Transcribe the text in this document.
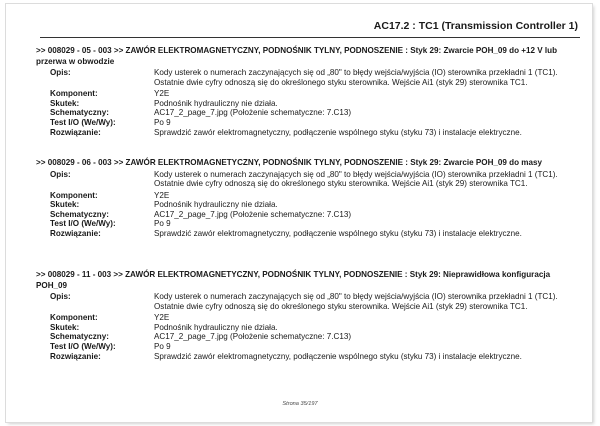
AC17.2 : TC1 (Transmission Controller 1)
>> 008029 - 05 - 003 >> ZAWÓR ELEKTROMAGNETYCZNY, PODNOŚNIK TYLNY, PODNOSZENIE : Styk 29: Zwarcie POH_09 do +12 V lub przerwa w obwodzie
Opis:	Kody usterek o numerach zaczynających się od „80" to błędy wejścia/wyjścia (IO) sterownika przekładni 1 (TC1). Ostatnie dwie cyfry odnoszą się do określonego styku sterownika. Wejście Ai1 (styk 29) sterownika TC1.
Komponent:	Y2E
Skutek:	Podnośnik hydrauliczny nie działa.
Schematyczny:	AC17_2_page_7.jpg (Położenie schematyczne: 7.C13)
Test I/O (We/Wy):	Po 9
Rozwiązanie:	Sprawdzić zawór elektromagnetyczny, podłączenie wspólnego styku (styku 73) i instalacje elektryczne.
>> 008029 - 06 - 003 >> ZAWÓR ELEKTROMAGNETYCZNY, PODNOŚNIK TYLNY, PODNOSZENIE : Styk 29: Zwarcie POH_09 do masy
Opis:	Kody usterek o numerach zaczynających się od „80" to błędy wejścia/wyjścia (IO) sterownika przekładni 1 (TC1). Ostatnie dwie cyfry odnoszą się do określonego styku sterownika. Wejście Ai1 (styk 29) sterownika TC1.
Komponent:	Y2E
Skutek:	Podnośnik hydrauliczny nie działa.
Schematyczny:	AC17_2_page_7.jpg (Położenie schematyczne: 7.C13)
Test I/O (We/Wy):	Po 9
Rozwiązanie:	Sprawdzić zawór elektromagnetyczny, podłączenie wspólnego styku (styku 73) i instalacje elektryczne.
>> 008029 - 11 - 003 >> ZAWÓR ELEKTROMAGNETYCZNY, PODNOŚNIK TYLNY, PODNOSZENIE : Styk 29: Nieprawidłowa konfiguracja POH_09
Opis:	Kody usterek o numerach zaczynających się od „80" to błędy wejścia/wyjścia (IO) sterownika przekładni 1 (TC1). Ostatnie dwie cyfry odnoszą się do określonego styku sterownika. Wejście Ai1 (styk 29) sterownika TC1.
Komponent:	Y2E
Skutek:	Podnośnik hydrauliczny nie działa.
Schematyczny:	AC17_2_page_7.jpg (Położenie schematyczne: 7.C13)
Test I/O (We/Wy):	Po 9
Rozwiązanie:	Sprawdzić zawór elektromagnetyczny, podłączenie wspólnego styku (styku 73) i instalacje elektryczne.
Strona 35/197
